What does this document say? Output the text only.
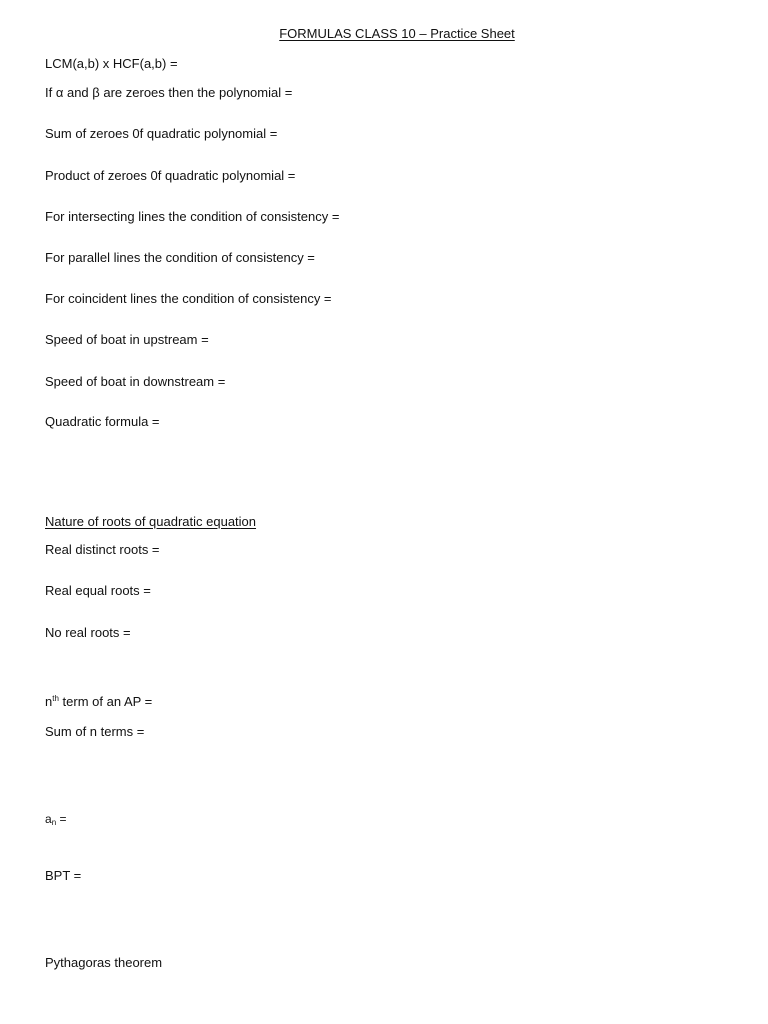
FORMULAS CLASS 10 – Practice Sheet
LCM(a,b) x HCF(a,b) =
If α and β are zeroes then the polynomial =
Sum of zeroes 0f quadratic polynomial =
Product of zeroes 0f quadratic polynomial =
For intersecting lines the condition of consistency =
For parallel lines the condition of consistency =
For coincident lines the condition of consistency =
Speed of boat in upstream =
Speed of boat in downstream =
Quadratic formula =
Nature of roots of quadratic equation
Real distinct roots =
Real equal roots =
No real roots =
$n^{th}$ term of an AP =
Sum of n terms =
$a_n$ =
BPT =
Pythagoras theorem
